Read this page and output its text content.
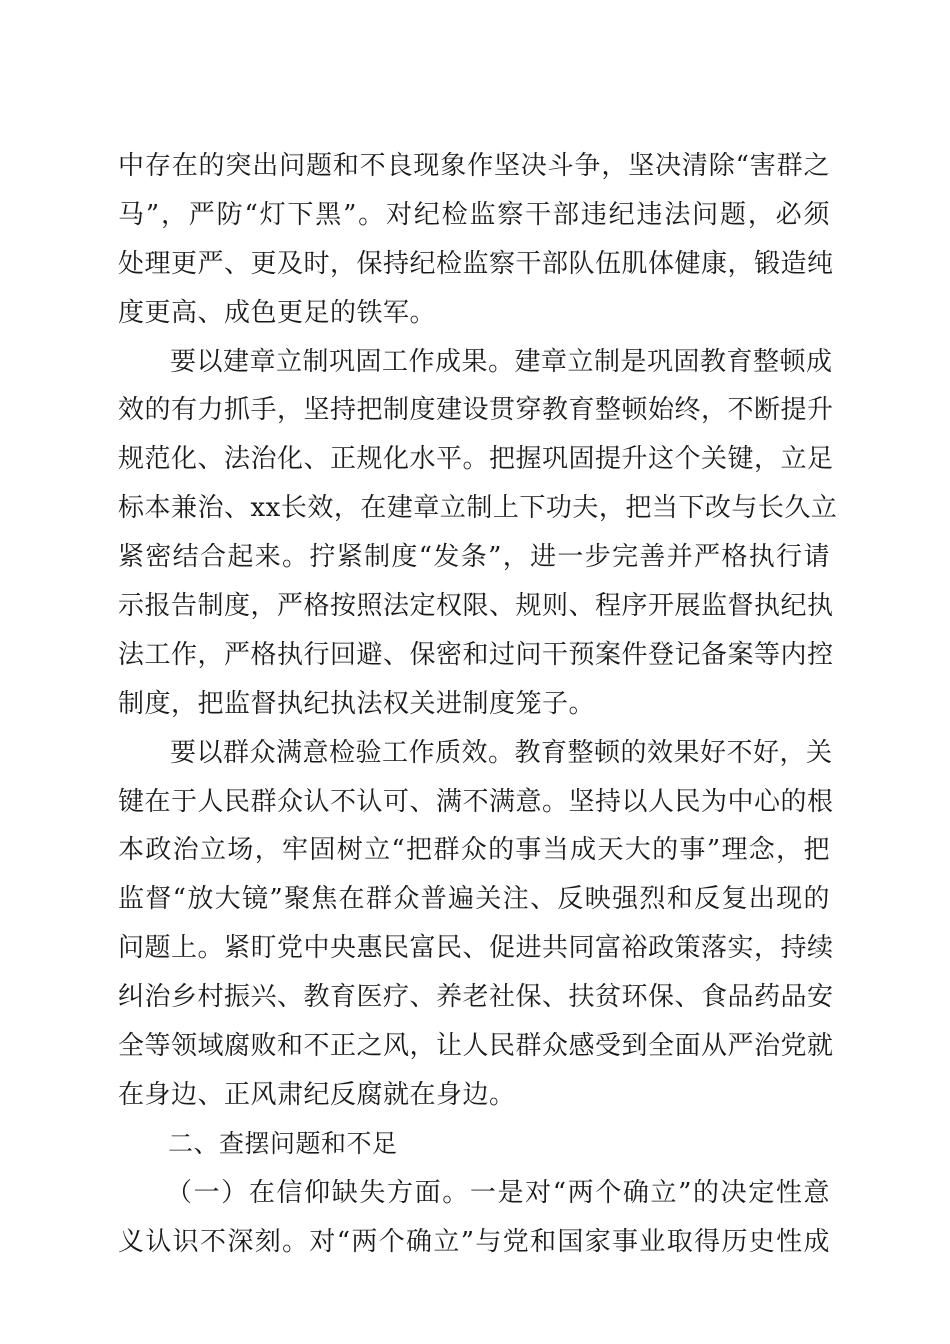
中存在的突出问题和不良现象作坚决斗争，坚决清除“害群之
马”，严防“灯下黑”。对纪检监察干部违纪违法问题，必须
处理更严、更及时，保持纪检监察干部队伍肌体健康，锻造纯
度更高、成色更足的铁军。
要以建章立制巩固工作成果。建章立制是巩固教育整顿成
效的有力抓手，坚持把制度建设贯穿教育整顿始终，不断提升
规范化、法治化、正规化水平。把握巩固提升这个关键，立足
标本兼治、xx长效，在建章立制上下功夫，把当下改与长久立
紧密结合起来。拧紧制度“发条”，进一步完善并严格执行请
示报告制度，严格按照法定权限、规则、程序开展监督执纪执
法工作，严格执行回避、保密和过问干预案件登记备案等内控
制度，把监督执纪执法权关进制度笼子。
要以群众满意检验工作质效。教育整顿的效果好不好，关
键在于人民群众认不认可、满不满意。坚持以人民为中心的根
本政治立场，牢固树立“把群众的事当成天大的事”理念，把
监督“放大镜”聚焦在群众普遍关注、反映强烈和反复出现的
问题上。紧盯党中央惠民富民、促进共同富裕政策落实，持续
纠治乡村振兴、教育医疗、养老社保、扶贫环保、食品药品安
全等领域腐败和不正之风，让人民群众感受到全面从严治党就
在身边、正风肃纪反腐就在身边。
二、查摆问题和不足
（一）在信仰缺失方面。一是对“两个确立”的决定性意
义认识不深刻。对“两个确立”与党和国家事业取得历史性成
